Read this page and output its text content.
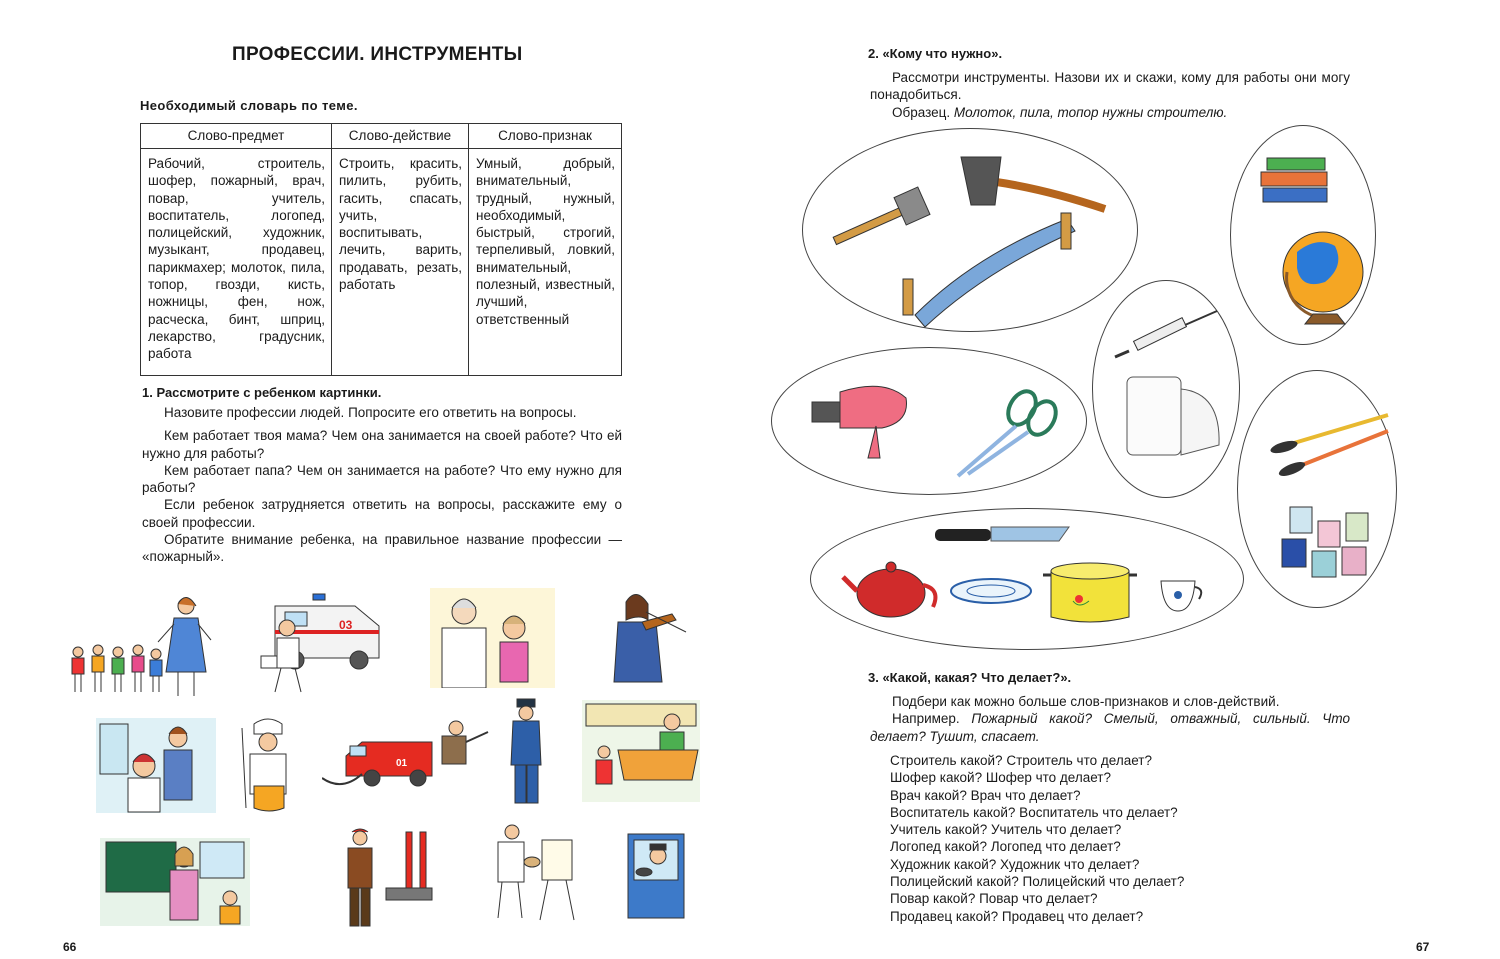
ПРОФЕССИИ. ИНСТРУМЕНТЫ
Необходимый словарь по теме.
Слово-предмет	Слово-действие	Слово-признак
Рабочий, строитель, шофер, пожарный, врач, повар, учитель, воспитатель, логопед, полицейский, художник, музыкант, продавец, парикмахер; молоток, пила, топор, гвозди, кисть, ножницы, фен, нож, расческа, бинт, шприц, лекарство, градусник, работа	Строить, красить, пилить, рубить, гасить, спасать, учить, воспитывать, лечить, варить, продавать, резать, работать	Умный, добрый, внимательный, трудный, нужный, необходимый, быстрый, строгий, терпеливый, ловкий, внимательный, полезный, известный, лучший, ответственный
1. Рассмотрите с ребенком картинки.

Назовите профессии людей. Попросите его ответить на вопросы.

Кем работает твоя мама? Чем она занимается на своей работе? Что ей нужно для работы?

Кем работает папа? Чем он занимается на работе? Что ему нужно для работы?

Если ребенок затрудняется ответить на вопросы, расскажите ему о своей профессии.

Обратите внимание ребенка, на правильное название профессии — «пожарный».

03
01
66
2. «Кому что нужно».

Рассмотри инструменты. Назови их и скажи, кому для работы они могу понадобиться.

Образец. Молоток, пила, топор нужны строителю.

3. «Какой, какая? Что делает?».

Подбери как можно больше слов-признаков и слов-действий.

Например. Пожарный какой? Смелый, отважный, сильный. Что делает? Тушит, спасает.

Строитель какой? Строитель что делает?

Шофер какой? Шофер что делает?

Врач какой? Врач что делает?

Воспитатель какой? Воспитатель что делает?

Учитель какой? Учитель что делает?

Логопед какой? Логопед что делает?

Художник какой? Художник что делает?

Полицейский какой? Полицейский что делает?

Повар какой? Повар что делает?

Продавец какой? Продавец что делает?

67
